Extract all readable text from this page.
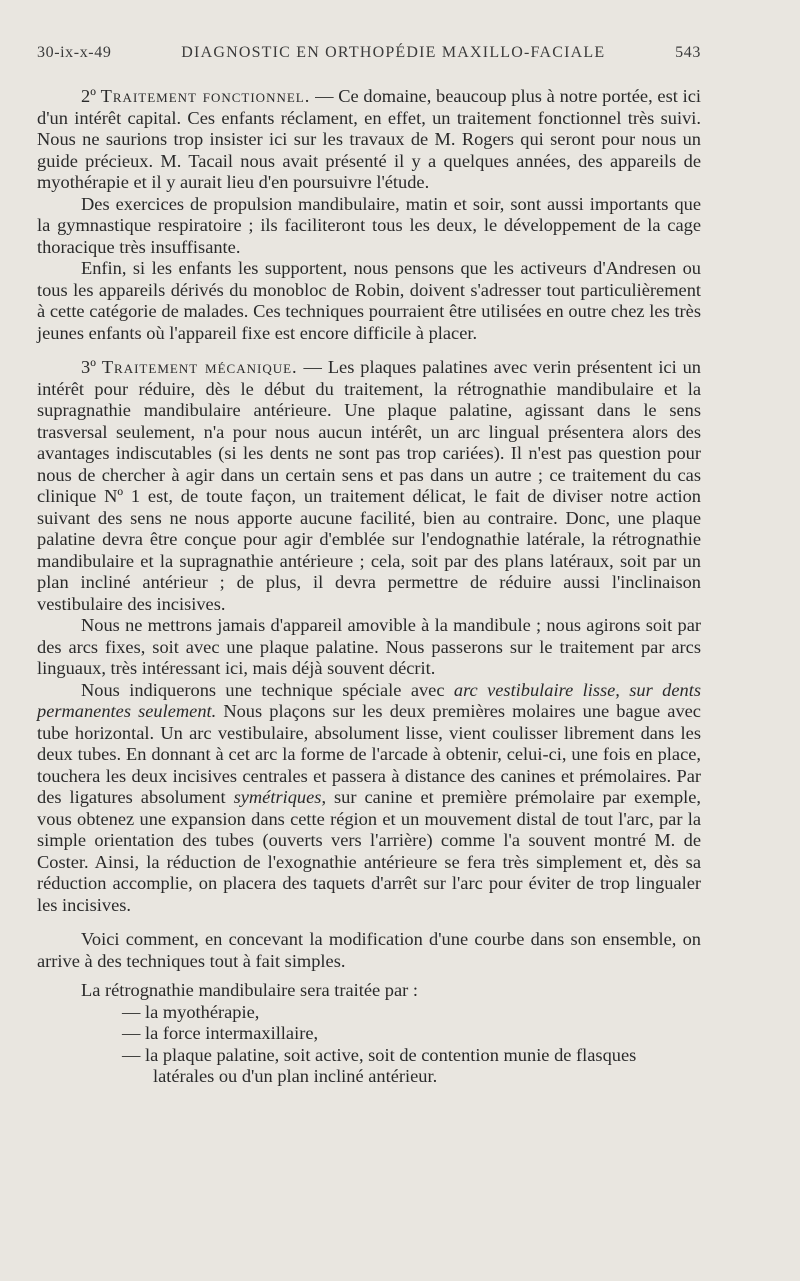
30-ix-x-49	DIAGNOSTIC EN ORTHOPÉDIE MAXILLO-FACIALE	543

2º Traitement fonctionnel. — Ce domaine, beaucoup plus à notre portée, est ici d'un intérêt capital. Ces enfants réclament, en effet, un traitement fonctionnel très suivi. Nous ne saurions trop insister ici sur les travaux de M. Rogers qui seront pour nous un guide précieux. M. Tacail nous avait présenté il y a quelques années, des appareils de myothérapie et il y aurait lieu d'en poursuivre l'étude.

Des exercices de propulsion mandibulaire, matin et soir, sont aussi importants que la gymnastique respiratoire ; ils faciliteront tous les deux, le développement de la cage thoracique très insuffisante.

Enfin, si les enfants les supportent, nous pensons que les activeurs d'Andresen ou tous les appareils dérivés du monobloc de Robin, doivent s'adresser tout particulièrement à cette catégorie de malades. Ces techniques pourraient être utilisées en outre chez les très jeunes enfants où l'appareil fixe est encore difficile à placer.

3º Traitement mécanique. — Les plaques palatines avec verin présentent ici un intérêt pour réduire, dès le début du traitement, la rétrognathie mandibulaire et la supragnathie mandibulaire antérieure. Une plaque palatine, agissant dans le sens trasversal seulement, n'a pour nous aucun intérêt, un arc lingual présentera alors des avantages indiscutables (si les dents ne sont pas trop cariées). Il n'est pas question pour nous de chercher à agir dans un certain sens et pas dans un autre ; ce traitement du cas clinique Nº 1 est, de toute façon, un traitement délicat, le fait de diviser notre action suivant des sens ne nous apporte aucune facilité, bien au contraire. Donc, une plaque palatine devra être conçue pour agir d'emblée sur l'endognathie latérale, la rétrognathie mandibulaire et la supragnathie antérieure ; cela, soit par des plans latéraux, soit par un plan incliné antérieur ; de plus, il devra permettre de réduire aussi l'inclinaison vestibulaire des incisives.

Nous ne mettrons jamais d'appareil amovible à la mandibule ; nous agirons soit par des arcs fixes, soit avec une plaque palatine. Nous passerons sur le traitement par arcs linguaux, très intéressant ici, mais déjà souvent décrit.

Nous indiquerons une technique spéciale avec arc vestibulaire lisse, sur dents permanentes seulement. Nous plaçons sur les deux premières molaires une bague avec tube horizontal. Un arc vestibulaire, absolument lisse, vient coulisser librement dans les deux tubes. En donnant à cet arc la forme de l'arcade à obtenir, celui-ci, une fois en place, touchera les deux incisives centrales et passera à distance des canines et prémolaires. Par des ligatures absolument symétriques, sur canine et première prémolaire par exemple, vous obtenez une expansion dans cette région et un mouvement distal de tout l'arc, par la simple orientation des tubes (ouverts vers l'arrière) comme l'a souvent montré M. de Coster. Ainsi, la réduction de l'exognathie antérieure se fera très simplement et, dès sa réduction accomplie, on placera des taquets d'arrêt sur l'arc pour éviter de trop lingualer les incisives.

Voici comment, en concevant la modification d'une courbe dans son ensemble, on arrive à des techniques tout à fait simples.

La rétrognathie mandibulaire sera traitée par :

— la myothérapie,
— la force intermaxillaire,
— la plaque palatine, soit active, soit de contention munie de flasques latérales ou d'un plan incliné antérieur.
